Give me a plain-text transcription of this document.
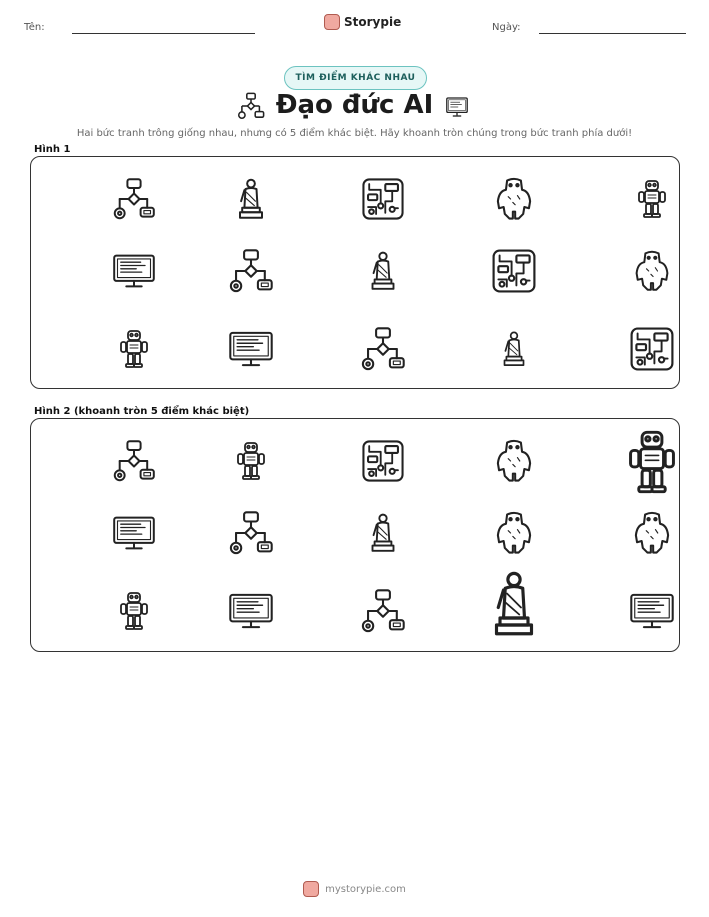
Tên:	Storypie	Ngày:
TÌM ĐIỂM KHÁC NHAU
Đạo đức AI
Hai bức tranh trông giống nhau, nhưng có 5 điểm khác biệt. Hãy khoanh tròn chúng trong bức tranh phía dưới!
Hình 1
Hình 2 (khoanh tròn 5 điểm khác biệt)
mystorypie.com
